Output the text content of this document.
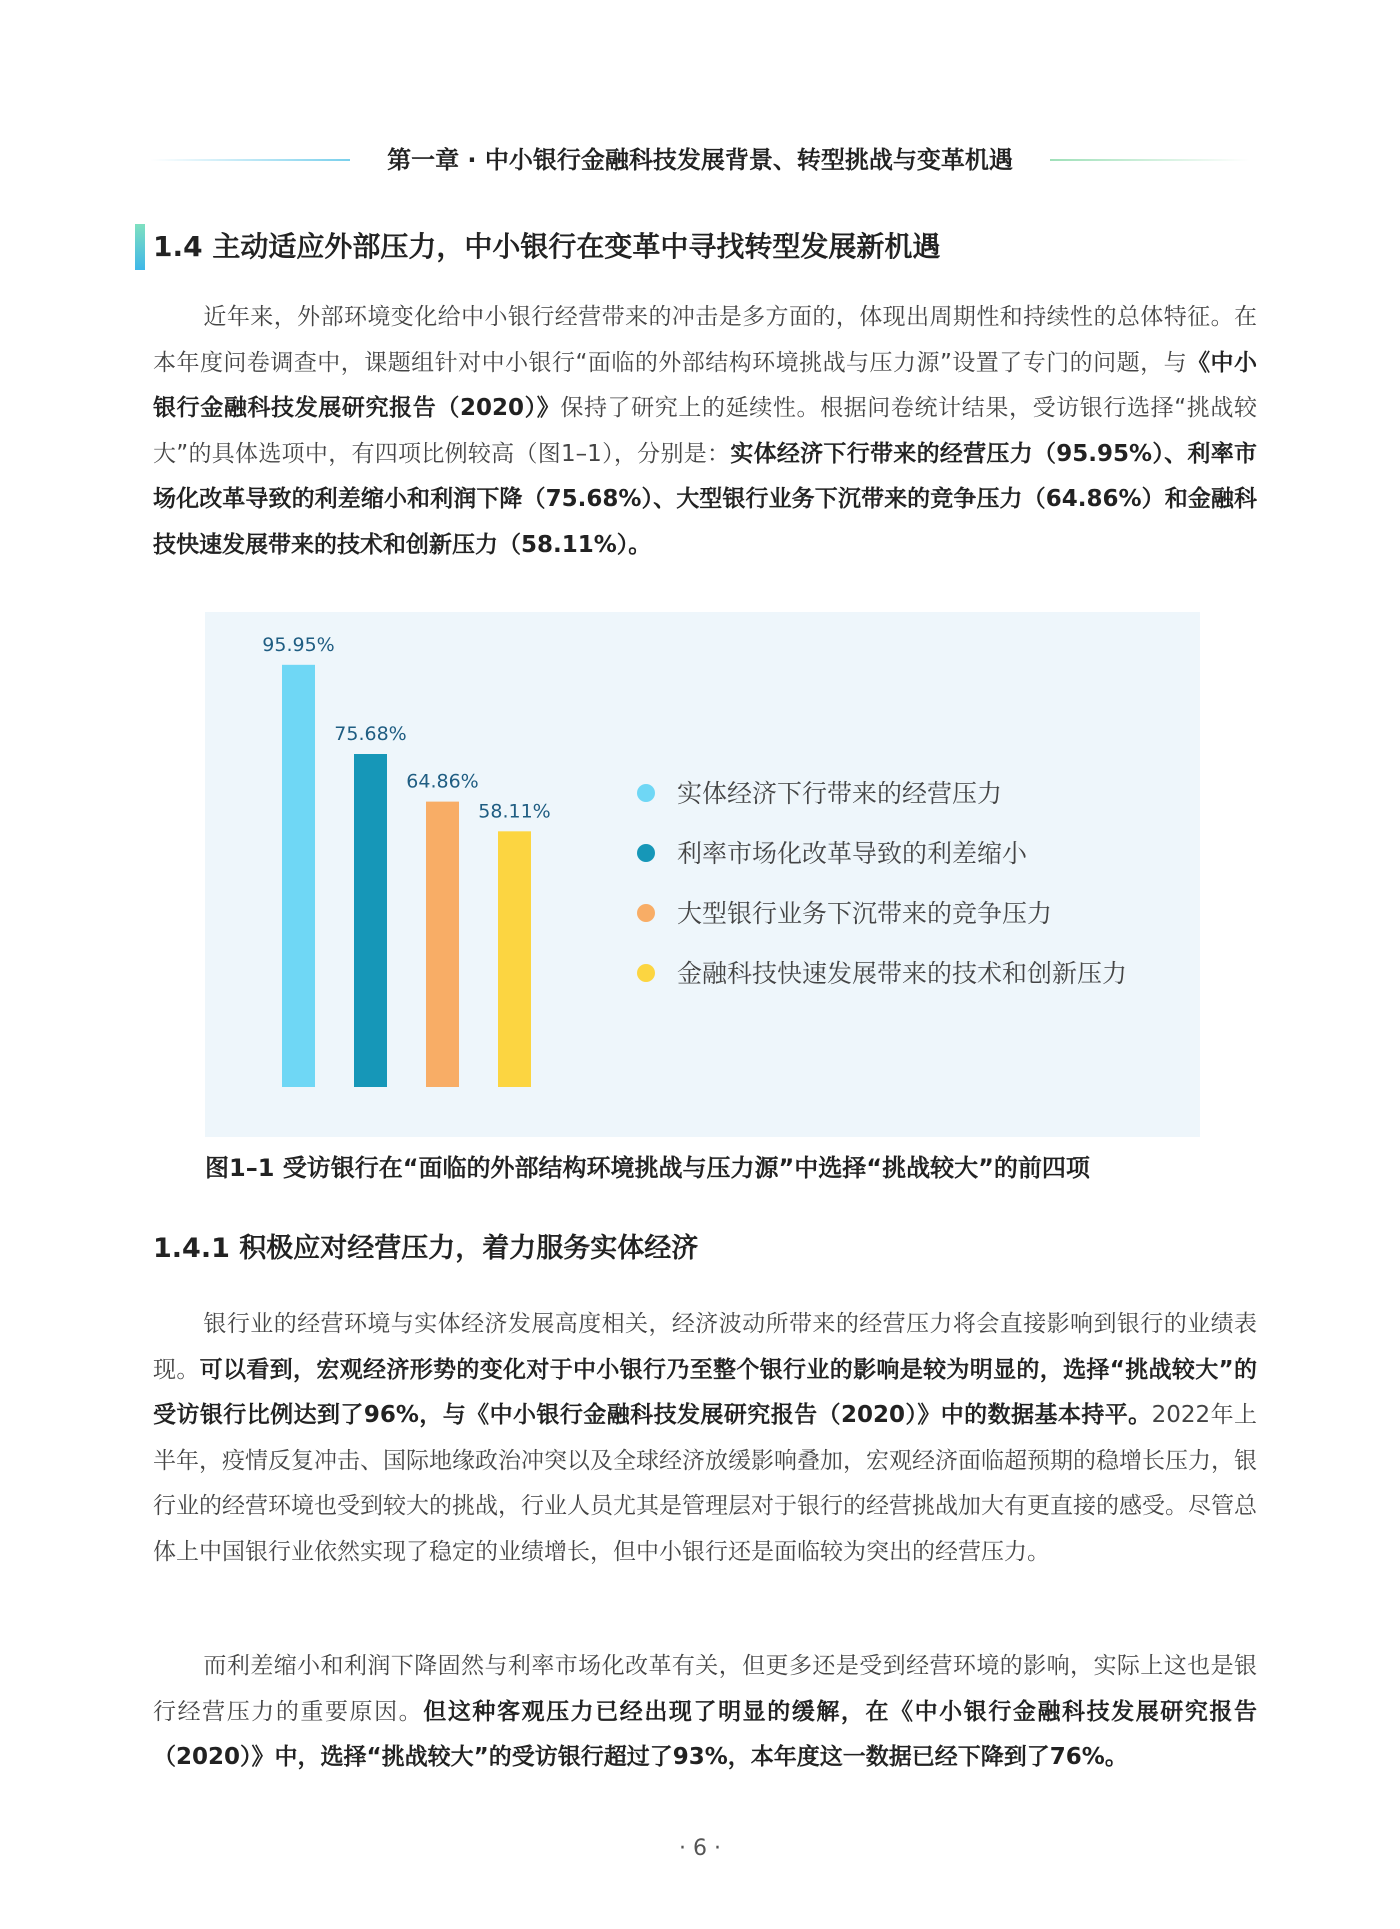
第一章 · 中小银行金融科技发展背景、转型挑战与变革机遇
1.4 主动适应外部压力，中小银行在变革中寻找转型发展新机遇
近年来，外部环境变化给中小银行经营带来的冲击是多方面的，体现出周期性和持续性的总体特征。在本年度问卷调查中，课题组针对中小银行“面临的外部结构环境挑战与压力源”设置了专门的问题，与《中小银行金融科技发展研究报告（2020）》保持了研究上的延续性。根据问卷统计结果，受访银行选择“挑战较大”的具体选项中，有四项比例较高（图1–1），分别是：实体经济下行带来的经营压力（95.95%）、利率市场化改革导致的利差缩小和利润下降（75.68%）、大型银行业务下沉带来的竞争压力（64.86%）和金融科技快速发展带来的技术和创新压力（58.11%）。
95.95%
75.68%
64.86%
58.11%
实体经济下行带来的经营压力
利率市场化改革导致的利差缩小
大型银行业务下沉带来的竞争压力
金融科技快速发展带来的技术和创新压力
图1–1 受访银行在“面临的外部结构环境挑战与压力源”中选择“挑战较大”的前四项
1.4.1 积极应对经营压力，着力服务实体经济
银行业的经营环境与实体经济发展高度相关，经济波动所带来的经营压力将会直接影响到银行的业绩表现。可以看到，宏观经济形势的变化对于中小银行乃至整个银行业的影响是较为明显的，选择“挑战较大”的受访银行比例达到了96%，与《中小银行金融科技发展研究报告（2020）》中的数据基本持平。2022年上半年，疫情反复冲击、国际地缘政治冲突以及全球经济放缓影响叠加，宏观经济面临超预期的稳增长压力，银行业的经营环境也受到较大的挑战，行业人员尤其是管理层对于银行的经营挑战加大有更直接的感受。尽管总体上中国银行业依然实现了稳定的业绩增长，但中小银行还是面临较为突出的经营压力。
而利差缩小和利润下降固然与利率市场化改革有关，但更多还是受到经营环境的影响，实际上这也是银行经营压力的重要原因。但这种客观压力已经出现了明显的缓解，在《中小银行金融科技发展研究报告（2020）》中，选择“挑战较大”的受访银行超过了93%，本年度这一数据已经下降到了76%。
· 6 ·
